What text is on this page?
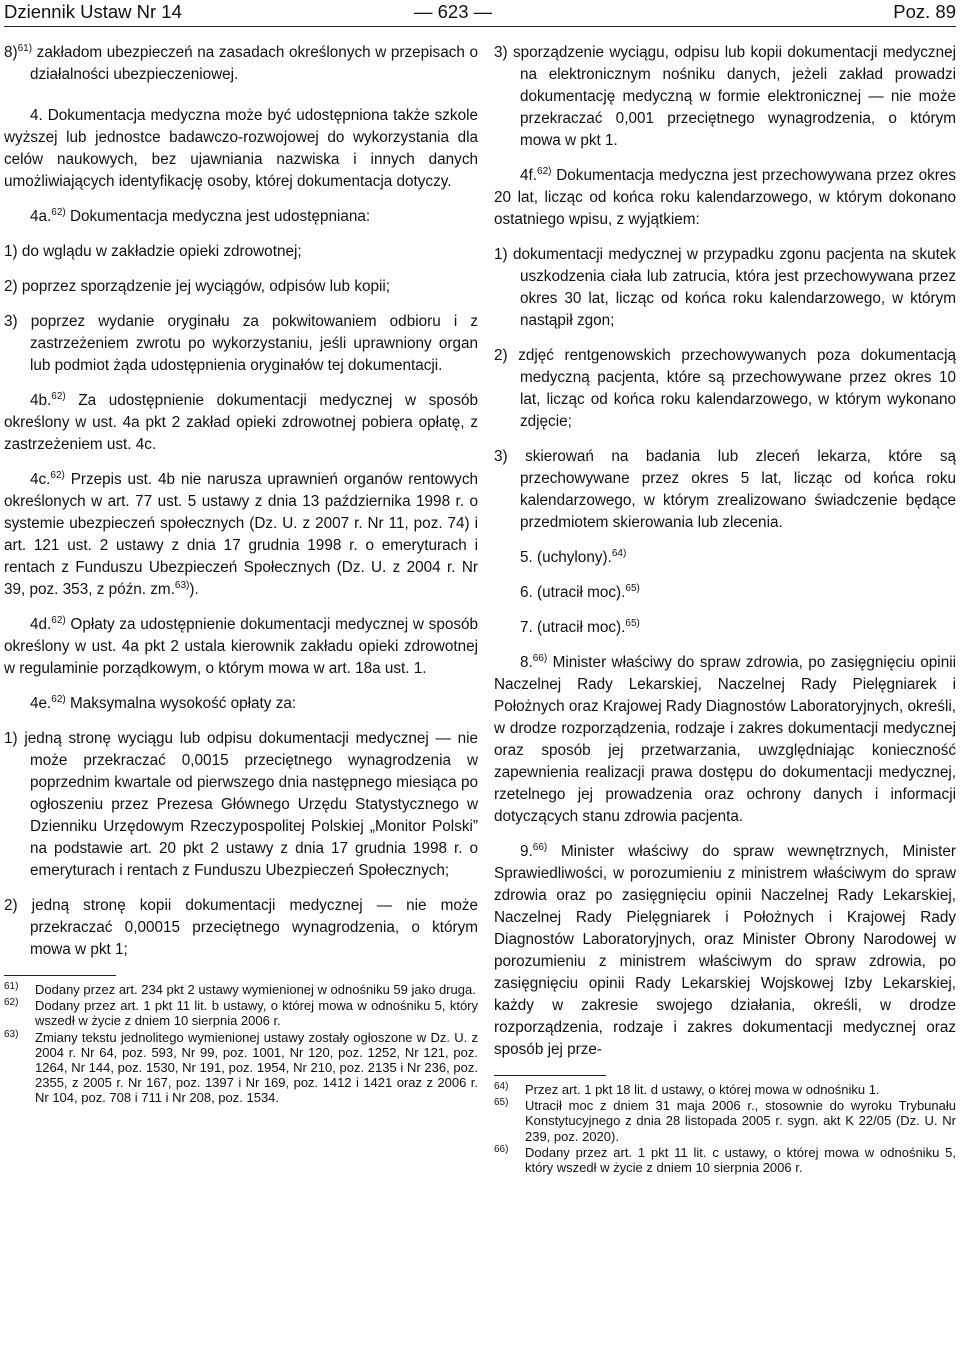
Dziennik Ustaw Nr 14	— 623 —	Poz. 89

8)$^{61)}$ zakładom ubezpieczeń na zasadach określonych w przepisach o działalności ubezpieczeniowej.

4. Dokumentacja medyczna może być udostępniona także szkole wyższej lub jednostce badawczo-rozwojowej do wykorzystania dla celów naukowych, bez ujawniania nazwiska i innych danych umożliwiających identyfikację osoby, której dokumentacja dotyczy.

4a.$^{62)}$ Dokumentacja medyczna jest udostępniana:

1) do wglądu w zakładzie opieki zdrowotnej;

2) poprzez sporządzenie jej wyciągów, odpisów lub kopii;

3) poprzez wydanie oryginału za pokwitowaniem odbioru i z zastrzeżeniem zwrotu po wykorzystaniu, jeśli uprawniony organ lub podmiot żąda udostępnienia oryginałów tej dokumentacji.

4b.$^{62)}$ Za udostępnienie dokumentacji medycznej w sposób określony w ust. 4a pkt 2 zakład opieki zdrowotnej pobiera opłatę, z zastrzeżeniem ust. 4c.

4c.$^{62)}$ Przepis ust. 4b nie narusza uprawnień organów rentowych określonych w art. 77 ust. 5 ustawy z dnia 13 października 1998 r. o systemie ubezpieczeń społecznych (Dz. U. z 2007 r. Nr 11, poz. 74) i art. 121 ust. 2 ustawy z dnia 17 grudnia 1998 r. o emeryturach i rentach z Funduszu Ubezpieczeń Społecznych (Dz. U. z 2004 r. Nr 39, poz. 353, z późn. zm.$^{63)}$).

4d.$^{62)}$ Opłaty za udostępnienie dokumentacji medycznej w sposób określony w ust. 4a pkt 2 ustala kierownik zakładu opieki zdrowotnej w regulaminie porządkowym, o którym mowa w art. 18a ust. 1.

4e.$^{62)}$ Maksymalna wysokość opłaty za:

1) jedną stronę wyciągu lub odpisu dokumentacji medycznej — nie może przekraczać 0,0015 przeciętnego wynagrodzenia w poprzednim kwartale od pierwszego dnia następnego miesiąca po ogłoszeniu przez Prezesa Głównego Urzędu Statystycznego w Dzienniku Urzędowym Rzeczypospolitej Polskiej „Monitor Polski” na podstawie art. 20 pkt 2 ustawy z dnia 17 grudnia 1998 r. o emeryturach i rentach z Funduszu Ubezpieczeń Społecznych;

2) jedną stronę kopii dokumentacji medycznej — nie może przekraczać 0,00015 przeciętnego wynagrodzenia, o którym mowa w pkt 1;

61) Dodany przez art. 234 pkt 2 ustawy wymienionej w odnośniku 59 jako druga.
62) Dodany przez art. 1 pkt 11 lit. b ustawy, o której mowa w odnośniku 5, który wszedł w życie z dniem 10 sierpnia 2006 r.
63) Zmiany tekstu jednolitego wymienionej ustawy zostały ogłoszone w Dz. U. z 2004 r. Nr 64, poz. 593, Nr 99, poz. 1001, Nr 120, poz. 1252, Nr 121, poz. 1264, Nr 144, poz. 1530, Nr 191, poz. 1954, Nr 210, poz. 2135 i Nr 236, poz. 2355, z 2005 r. Nr 167, poz. 1397 i Nr 169, poz. 1412 i 1421 oraz z 2006 r. Nr 104, poz. 708 i 711 i Nr 208, poz. 1534.

3) sporządzenie wyciągu, odpisu lub kopii dokumentacji medycznej na elektronicznym nośniku danych, jeżeli zakład prowadzi dokumentację medyczną w formie elektronicznej — nie może przekraczać 0,001 przeciętnego wynagrodzenia, o którym mowa w pkt 1.

4f.$^{62)}$ Dokumentacja medyczna jest przechowywana przez okres 20 lat, licząc od końca roku kalendarzowego, w którym dokonano ostatniego wpisu, z wyjątkiem:

1) dokumentacji medycznej w przypadku zgonu pacjenta na skutek uszkodzenia ciała lub zatrucia, która jest przechowywana przez okres 30 lat, licząc od końca roku kalendarzowego, w którym nastąpił zgon;

2) zdjęć rentgenowskich przechowywanych poza dokumentacją medyczną pacjenta, które są przechowywane przez okres 10 lat, licząc od końca roku kalendarzowego, w którym wykonano zdjęcie;

3) skierowań na badania lub zleceń lekarza, które są przechowywane przez okres 5 lat, licząc od końca roku kalendarzowego, w którym zrealizowano świadczenie będące przedmiotem skierowania lub zlecenia.

5. (uchylony).$^{64)}$

6. (utracił moc).$^{65)}$

7. (utracił moc).$^{65)}$

8.$^{66)}$ Minister właściwy do spraw zdrowia, po zasięgnięciu opinii Naczelnej Rady Lekarskiej, Naczelnej Rady Pielęgniarek i Położnych oraz Krajowej Rady Diagnostów Laboratoryjnych, określi, w drodze rozporządzenia, rodzaje i zakres dokumentacji medycznej oraz sposób jej przetwarzania, uwzględniając konieczność zapewnienia realizacji prawa dostępu do dokumentacji medycznej, rzetelnego jej prowadzenia oraz ochrony danych i informacji dotyczących stanu zdrowia pacjenta.

9.$^{66)}$ Minister właściwy do spraw wewnętrznych, Minister Sprawiedliwości, w porozumieniu z ministrem właściwym do spraw zdrowia oraz po zasięgnięciu opinii Naczelnej Rady Lekarskiej, Naczelnej Rady Pielęgniarek i Położnych i Krajowej Rady Diagnostów Laboratoryjnych, oraz Minister Obrony Narodowej w porozumieniu z ministrem właściwym do spraw zdrowia, po zasięgnięciu opinii Rady Lekarskiej Wojskowej Izby Lekarskiej, każdy w zakresie swojego działania, określi, w drodze rozporządzenia, rodzaje i zakres dokumentacji medycznej oraz sposób jej prze-

64) Przez art. 1 pkt 18 lit. d ustawy, o której mowa w odnośniku 1.
65) Utracił moc z dniem 31 maja 2006 r., stosownie do wyroku Trybunału Konstytucyjnego z dnia 28 listopada 2005 r. sygn. akt K 22/05 (Dz. U. Nr 239, poz. 2020).
66) Dodany przez art. 1 pkt 11 lit. c ustawy, o której mowa w odnośniku 5, który wszedł w życie z dniem 10 sierpnia 2006 r.
